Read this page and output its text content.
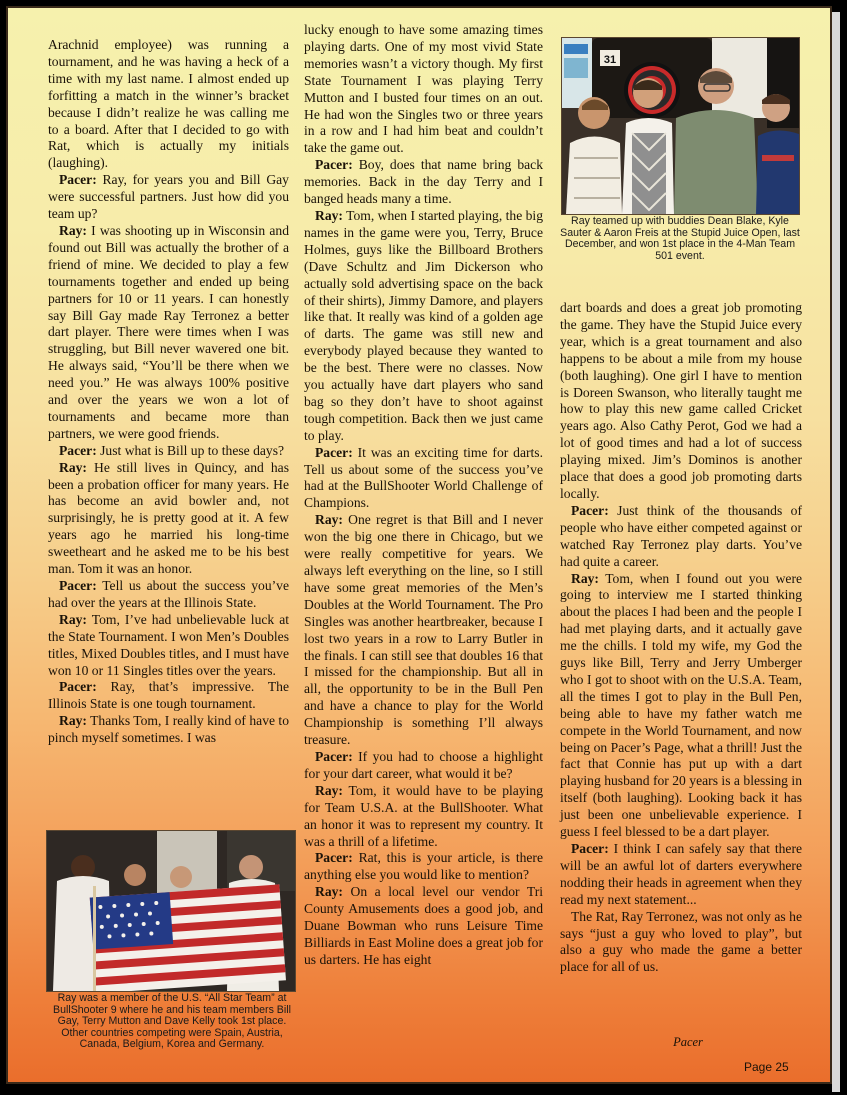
Arachnid employee) was running a tournament, and he was having a heck of a time with my last name. I almost ended up forfitting a match in the winner’s bracket because I didn’t realize he was calling me to a board. After that I decided to go with Rat, which is actually my initials (laughing).

Pacer: Ray, for years you and Bill Gay were successful partners. Just how did you team up?

Ray: I was shooting up in Wisconsin and found out Bill was actually the brother of a friend of mine. We decided to play a few tournaments together and ended up being partners for 10 or 11 years. I can honestly say Bill Gay made Ray Terronez a better dart player. There were times when I was struggling, but Bill never wavered one bit. He always said, “You’ll be there when we need you.” He was always 100% positive and over the years we won a lot of tournaments and became more than partners, we were good friends.

Pacer: Just what is Bill up to these days?

Ray: He still lives in Quincy, and has been a probation officer for many years. He has become an avid bowler and, not surprisingly, he is pretty good at it. A few years ago he married his long-time sweetheart and he asked me to be his best man. Tom it was an honor.

Pacer: Tell us about the success you’ve had over the years at the Illinois State.

Ray: Tom, I’ve had unbelievable luck at the State Tournament. I won Men’s Doubles titles, Mixed Doubles titles, and I must have won 10 or 11 Singles titles over the years.

Pacer: Ray, that’s impressive. The Illinois State is one tough tournament.

Ray: Thanks Tom, I really kind of have to pinch myself sometimes. I was

lucky enough to have some amazing times playing darts. One of my most vivid State memories wasn’t a victory though. My first State Tournament I was playing Terry Mutton and I busted four times on an out. He had won the Singles two or three years in a row and I had him beat and couldn’t take the game out.

Pacer: Boy, does that name bring back memories. Back in the day Terry and I banged heads many a time.

Ray: Tom, when I started playing, the big names in the game were you, Terry, Bruce Holmes, guys like the Billboard Brothers (Dave Schultz and Jim Dickerson who actually sold advertising space on the back of their shirts), Jimmy Damore, and players like that. It really was kind of a golden age of darts. The game was still new and everybody played because they wanted to be the best. There were no classes. Now you actually have dart players who sand bag so they don’t have to shoot against tough competition. Back then we just came to play.

Pacer: It was an exciting time for darts. Tell us about some of the success you’ve had at the BullShooter World Challenge of Champions.

Ray: One regret is that Bill and I never won the big one there in Chicago, but we were really competitive for years. We always left everything on the line, so I still have some great memories of the Men’s Doubles at the World Tournament. The Pro Singles was another heartbreaker, because I lost two years in a row to Larry Butler in the finals. I can still see that doubles 16 that I missed for the championship. But all in all, the opportunity to be in the Bull Pen and have a chance to play for the World Championship is something I’ll always treasure.

Pacer: If you had to choose a highlight for your dart career, what would it be?

Ray: Tom, it would have to be playing for Team U.S.A. at the BullShooter. What an honor it was to represent my country. It was a thrill of a lifetime.

Pacer: Rat, this is your article, is there anything else you would like to mention?

Ray: On a local level our vendor Tri County Amusements does a good job, and Duane Bowman who runs Leisure Time Billiards in East Moline does a great job for us darters. He has eight

dart boards and does a great job promoting the game. They have the Stupid Juice every year, which is a great tournament and also happens to be about a mile from my house (both laughing). One girl I have to mention is Doreen Swanson, who literally taught me how to play this new game called Cricket years ago. Also Cathy Perot, God we had a lot of good times and had a lot of success playing mixed. Jim’s Dominos is another place that does a good job promoting darts locally.

Pacer: Just think of the thousands of people who have either competed against or watched Ray Terronez play darts. You’ve had quite a career.

Ray: Tom, when I found out you were going to interview me I started thinking about the places I had been and the people I had met playing darts, and it actually gave me the chills. I told my wife, my God the guys like Bill, Terry and Jerry Umberger who I got to shoot with on the U.S.A. Team, all the times I got to play in the Bull Pen, being able to have my father watch me compete in the World Tournament, and now being on Pacer’s Page, what a thrill! Just the fact that Connie has put up with a dart playing husband for 20 years is a blessing in itself (both laughing). Looking back it has just been one unbelievable experience. I guess I feel blessed to be a dart player.

Pacer: I think I can safely say that there will be an awful lot of darters everywhere nodding their heads in agreement when they read my next statement...

The Rat, Ray Terronez, was not only as he says “just a guy who loved to play”, but also a guy who made the game a better place for all of us.

31
Ray teamed up with buddies Dean Blake, Kyle Sauter & Aaron Freis at the Stupid Juice Open, last December, and won 1st place in the 4-Man Team 501 event.
Ray was a member of the U.S. “All Star Team” at BullShooter 9 where he and his team members Bill Gay, Terry Mutton and Dave Kelly took 1st place. Other countries competing were Spain, Austria, Canada, Belgium, Korea and Germany.	Pacer
Page 25
